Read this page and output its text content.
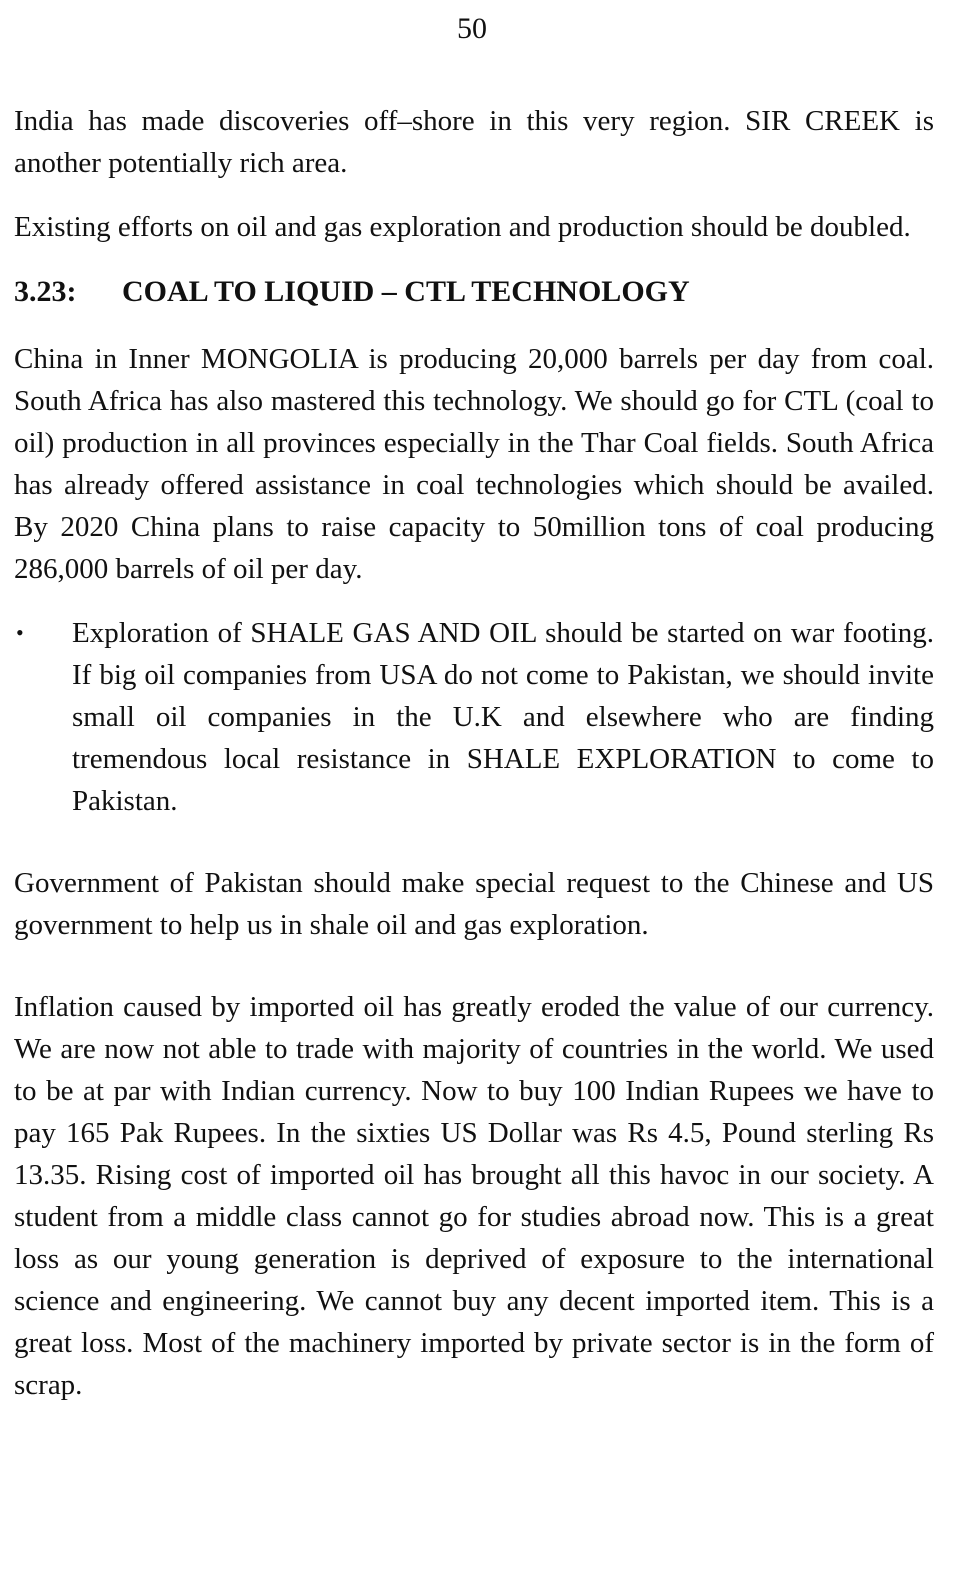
50

India has made discoveries off–shore in this very region. SIR CREEK is another potentially rich area.

Existing efforts on oil and gas exploration and production should be doubled.

3.23:	COAL TO LIQUID – CTL TECHNOLOGY

China in Inner MONGOLIA is producing 20,000 barrels per day from coal. South Africa has also mastered this technology. We should go for CTL (coal to oil) production in all provinces especially in the Thar Coal fields. South Africa has already offered assistance in coal technologies which should be availed. By 2020 China plans to raise capacity to 50million tons of coal producing 286,000 barrels of oil per day.

•	Exploration of SHALE GAS AND OIL should be started on war footing. If big oil companies from USA do not come to Pakistan, we should invite small oil companies in the U.K and elsewhere who are finding tremendous local resistance in SHALE EXPLORATION to come to Pakistan.

Government of Pakistan should make special request to the Chinese and US government to help us in shale oil and gas exploration.

Inflation caused by imported oil has greatly eroded the value of our currency. We are now not able to trade with majority of countries in the world. We used to be at par with Indian currency. Now to buy 100 Indian Rupees we have to pay 165 Pak Rupees. In the sixties US Dollar was Rs 4.5, Pound sterling Rs 13.35. Rising cost of imported oil has brought all this havoc in our society. A student from a middle class cannot go for studies abroad now. This is a great loss as our young generation is deprived of exposure to the international science and engineering. We cannot buy any decent imported item. This is a great loss. Most of the machinery imported by private sector is in the form of scrap.
